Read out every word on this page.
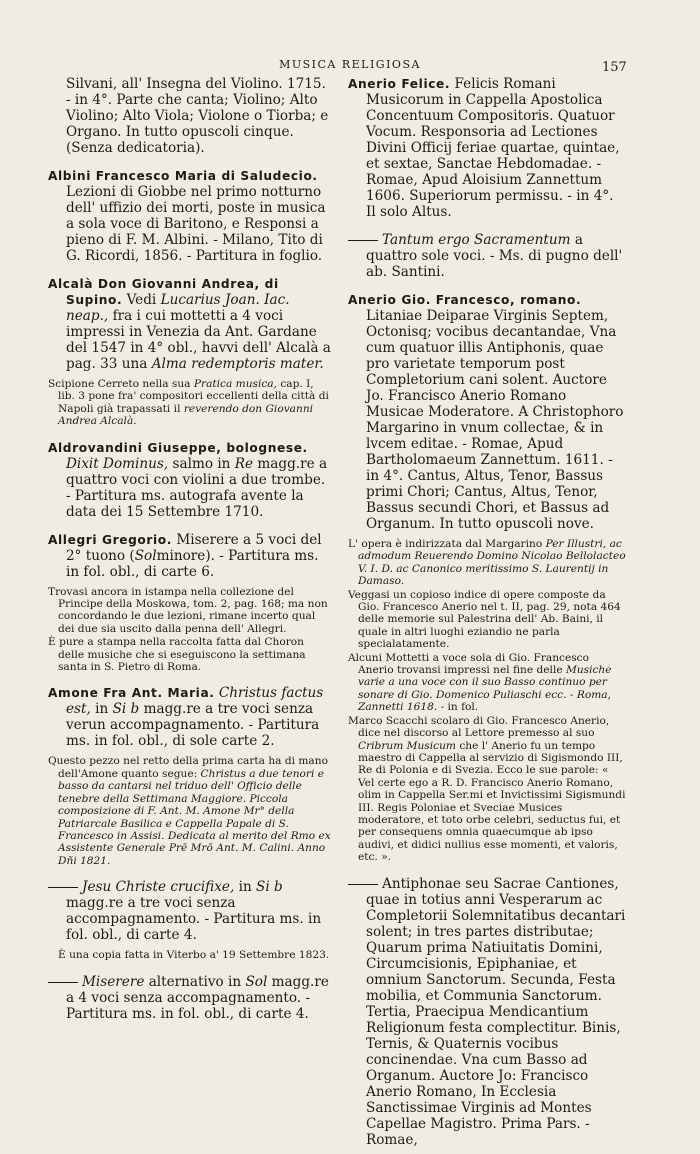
MUSICA RELIGIOSA	157

Silvani, all' Insegna del Violino. 1715. - in 4°. Parte che canta; Violino; Alto Violino; Alto Viola; Violone o Tiorba; e Organo. In tutto opuscoli cinque. (Senza dedicatoria).

Albini Francesco Maria di Saludecio. Lezioni di Giobbe nel primo notturno dell' uffizio dei morti, poste in musica a sola voce di Baritono, e Responsi a pieno di F. M. Albini. - Milano, Tito di G. Ricordi, 1856. - Partitura in foglio.

Alcalà Don Giovanni Andrea, di Supino. Vedi Lucarius Joan. Iac. neap., fra i cui mottetti a 4 voci impressi in Venezia da Ant. Gardane del 1547 in 4° obl., havvi dell' Alcalà a pag. 33 una Alma redemptoris mater.

Scipione Cerreto nella sua Pratica musica, cap. I, lib. 3 pone fra' compositori eccellenti della città di Napoli già trapassati il reverendo don Giovanni Andrea Alcalà.

Aldrovandini Giuseppe, bolognese. Dixit Dominus, salmo in Re magg.re a quattro voci con violini a due trombe. - Partitura ms. autografa avente la data dei 15 Settembre 1710.

Allegri Gregorio. Miserere a 5 voci del 2° tuono (Solminore). - Partitura ms. in fol. obl., di carte 6.

Trovasi ancora in istampa nella collezione del Principe della Moskowa, tom. 2, pag. 168; ma non concordando le due lezioni, rimane incerto qual dei due sia uscito dalla penna dell' Allegri.

È pure a stampa nella raccolta fatta dal Choron delle musiche che si eseguiscono la settimana santa in S. Pietro di Roma.

Amone Fra Ant. Maria. Christus factus est, in Si b magg.re a tre voci senza verun accompagnamento. - Partitura ms. in fol. obl., di sole carte 2.

Questo pezzo nel retto della prima carta ha di mano dell'Amone quanto segue: Christus a due tenori e basso da cantarsi nel triduo dell' Officio delle tenebre della Settimana Maggiore. Piccola composizione di F. Ant. M. Amone Mr° della Patriarcale Basilica e Cappella Papale di S. Francesco in Assisi. Dedicata al merito del Rmo ex Assistente Generale Prē Mrō Ant. M. Calini. Anno Dñi 1821.

Jesu Christe crucifixe, in Si b magg.re a tre voci senza accompagnamento. - Partitura ms. in fol. obl., di carte 4.

È una copia fatta in Viterbo a' 19 Settembre 1823.

Miserere alternativo in Sol magg.re a 4 voci senza accompagnamento. - Partitura ms. in fol. obl., di carte 4.

Anerio Felice. Felicis Romani Musicorum in Cappella Apostolica Concentuum Compositoris. Quatuor Vocum. Responsoria ad Lectiones Divini Officij feriae quartae, quintae, et sextae, Sanctae Hebdomadae. - Romae, Apud Aloisium Zannettum 1606. Superiorum permissu. - in 4°. Il solo Altus.

Tantum ergo Sacramentum a quattro sole voci. - Ms. di pugno dell' ab. Santini.

Anerio Gio. Francesco, romano. Litaniae Deiparae Virginis Septem, Octonisq; vocibus decantandae, Vna cum quatuor illis Antiphonis, quae pro varietate temporum post Completorium cani solent. Auctore Jo. Francisco Anerio Romano Musicae Moderatore. A Christophoro Margarino in vnum collectae, & in lvcem editae. - Romae, Apud Bartholomaeum Zannettum. 1611. - in 4°. Cantus, Altus, Tenor, Bassus primi Chori; Cantus, Altus, Tenor, Bassus secundi Chori, et Bassus ad Organum. In tutto opuscoli nove.

L' opera è indirizzata dal Margarino Per Illustri, ac admodum Reuerendo Domino Nicolao Bellolacteo V. I. D. ac Canonico meritissimo S. Laurentij in Damaso.

Veggasi un copioso indice di opere composte da Gio. Francesco Anerio nel t. II, pag. 29, nota 464 delle memorie sul Palestrina dell' Ab. Baini, il quale in altri luoghi eziandio ne parla specialatamente.

Alcuni Mottetti a voce sola di Gio. Francesco Anerio trovansi impressi nel fine delle Musiche varie a una voce con il suo Basso continuo per sonare di Gio. Domenico Puliaschi ecc. - Roma, Zannetti 1618. - in fol.

Marco Scacchi scolaro di Gio. Francesco Anerio, dice nel discorso al Lettore premesso al suo Cribrum Musicum che l' Anerio fu un tempo maestro di Cappella al servizio di Sigismondo III, Re di Polonia e di Svezia. Ecco le sue parole: « Vel certe ego a R. D. Francisco Anerio Romano, olim in Cappella Ser.mi et Invictissimi Sigismundi III. Regis Poloniae et Sveciae Musices moderatore, et toto orbe celebri, seductus fui, et per consequens omnia quaecumque ab ipso audivi, et didici nullius esse momenti, et valoris, etc. ».

Antiphonae seu Sacrae Cantiones, quae in totius anni Vesperarum ac Completorii Solemnitatibus decantari solent; in tres partes distributae; Quarum prima Natiuitatis Domini, Circumcisionis, Epiphaniae, et omnium Sanctorum. Secunda, Festa mobilia, et Communia Sanctorum. Tertia, Praecipua Mendicantium Religionum festa complectitur. Binis, Ternis, & Quaternis vocibus concinendae. Vna cum Basso ad Organum. Auctore Jo: Francisco Anerio Romano, In Ecclesia Sanctissimae Virginis ad Montes Capellae Magistro. Prima Pars. - Romae,
